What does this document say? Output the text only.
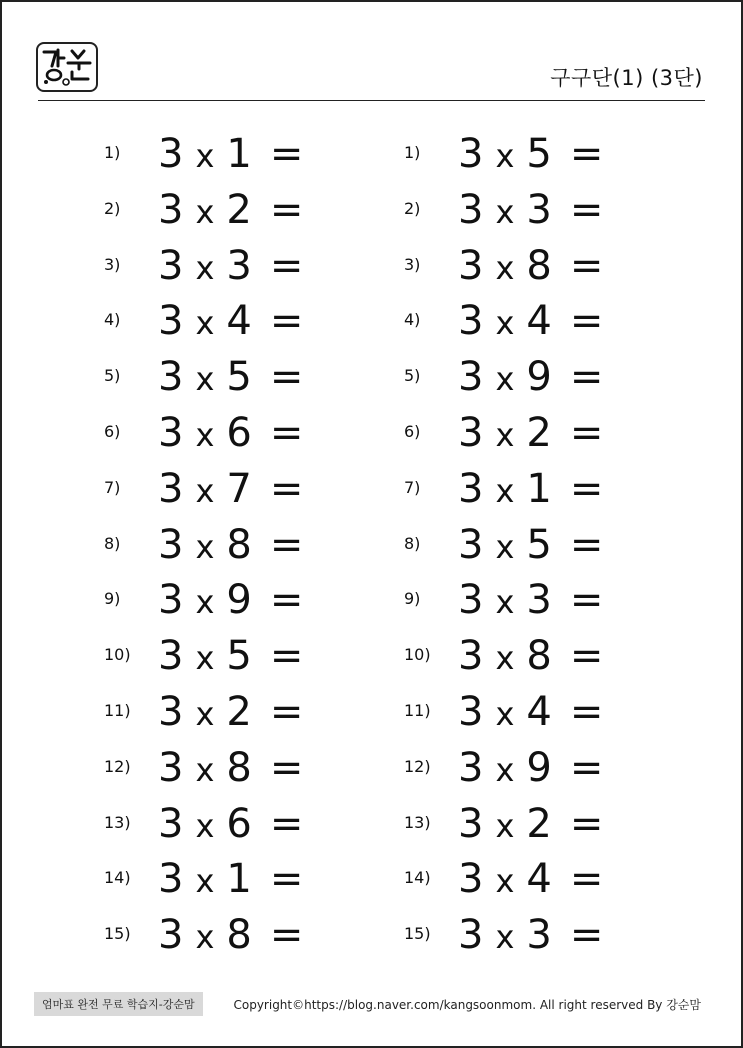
구구단(1) (3단)
1) 3 x 1 =
2) 3 x 2 =
3) 3 x 3 =
4) 3 x 4 =
5) 3 x 5 =
6) 3 x 6 =
7) 3 x 7 =
8) 3 x 8 =
9) 3 x 9 =
10) 3 x 5 =
11) 3 x 2 =
12) 3 x 8 =
13) 3 x 6 =
14) 3 x 1 =
15) 3 x 8 =
1) 3 x 5 =
2) 3 x 3 =
3) 3 x 8 =
4) 3 x 4 =
5) 3 x 9 =
6) 3 x 2 =
7) 3 x 1 =
8) 3 x 5 =
9) 3 x 3 =
10) 3 x 8 =
11) 3 x 4 =
12) 3 x 9 =
13) 3 x 2 =
14) 3 x 4 =
15) 3 x 3 =
엄마표 완전 무료 학습지-강순맘	Copyright©https://blog.naver.com/kangsoonmom. All right reserved By 강순맘
